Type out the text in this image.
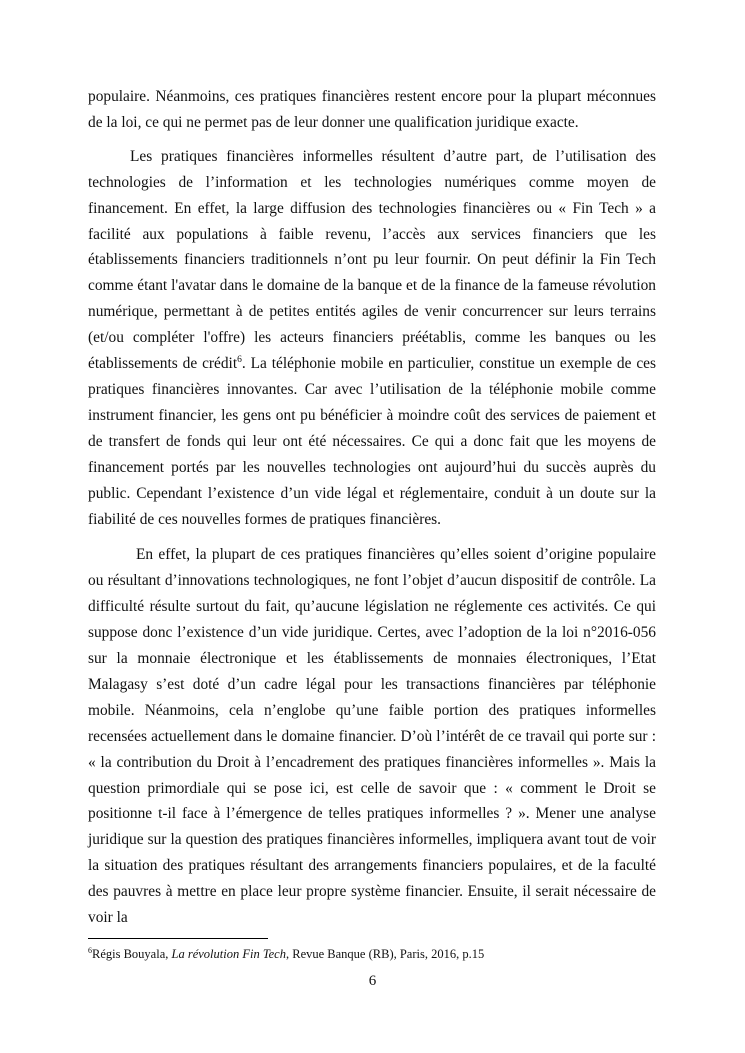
populaire. Néanmoins, ces pratiques financières restent encore pour la plupart méconnues de la loi, ce qui ne permet pas de leur donner une qualification juridique exacte.

Les pratiques financières informelles résultent d’autre part, de l’utilisation des technologies de l’information et les technologies numériques comme moyen de financement. En effet, la large diffusion des technologies financières ou « Fin Tech » a facilité aux populations à faible revenu, l’accès aux services financiers que les établissements financiers traditionnels n’ont pu leur fournir. On peut définir la Fin Tech comme étant l'avatar dans le domaine de la banque et de la finance de la fameuse révolution numérique, permettant à de petites entités agiles de venir concurrencer sur leurs terrains (et/ou compléter l'offre) les acteurs financiers préétablis, comme les banques ou les établissements de crédit$^6$. La téléphonie mobile en particulier, constitue un exemple de ces pratiques financières innovantes. Car avec l’utilisation de la téléphonie mobile comme instrument financier, les gens ont pu bénéficier à moindre coût des services de paiement et de transfert de fonds qui leur ont été nécessaires. Ce qui a donc fait que les moyens de financement portés par les nouvelles technologies ont aujourd’hui du succès auprès du public. Cependant l’existence d’un vide légal et réglementaire, conduit à un doute sur la fiabilité de ces nouvelles formes de pratiques financières.

En effet, la plupart de ces pratiques financières qu’elles soient d’origine populaire ou résultant d’innovations technologiques, ne font l’objet d’aucun dispositif de contrôle. La difficulté résulte surtout du fait, qu’aucune législation ne réglemente ces activités. Ce qui suppose donc l’existence d’un vide juridique. Certes, avec l’adoption de la loi n°2016-056 sur la monnaie électronique et les établissements de monnaies électroniques, l’Etat Malagasy s’est doté d’un cadre légal pour les transactions financières par téléphonie mobile. Néanmoins, cela n’englobe qu’une faible portion des pratiques informelles recensées actuellement dans le domaine financier. D’où l’intérêt de ce travail qui porte sur : « la contribution du Droit à l’encadrement des pratiques financières informelles ». Mais la question primordiale qui se pose ici, est celle de savoir que : « comment le Droit se positionne t-il face à l’émergence de telles pratiques informelles ? ». Mener une analyse juridique sur la question des pratiques financières informelles, impliquera avant tout de voir la situation des pratiques résultant des arrangements financiers populaires, et de la faculté des pauvres à mettre en place leur propre système financier. Ensuite, il serait nécessaire de voir la

$^6$Régis Bouyala, La révolution Fin Tech, Revue Banque (RB), Paris, 2016, p.15
6
